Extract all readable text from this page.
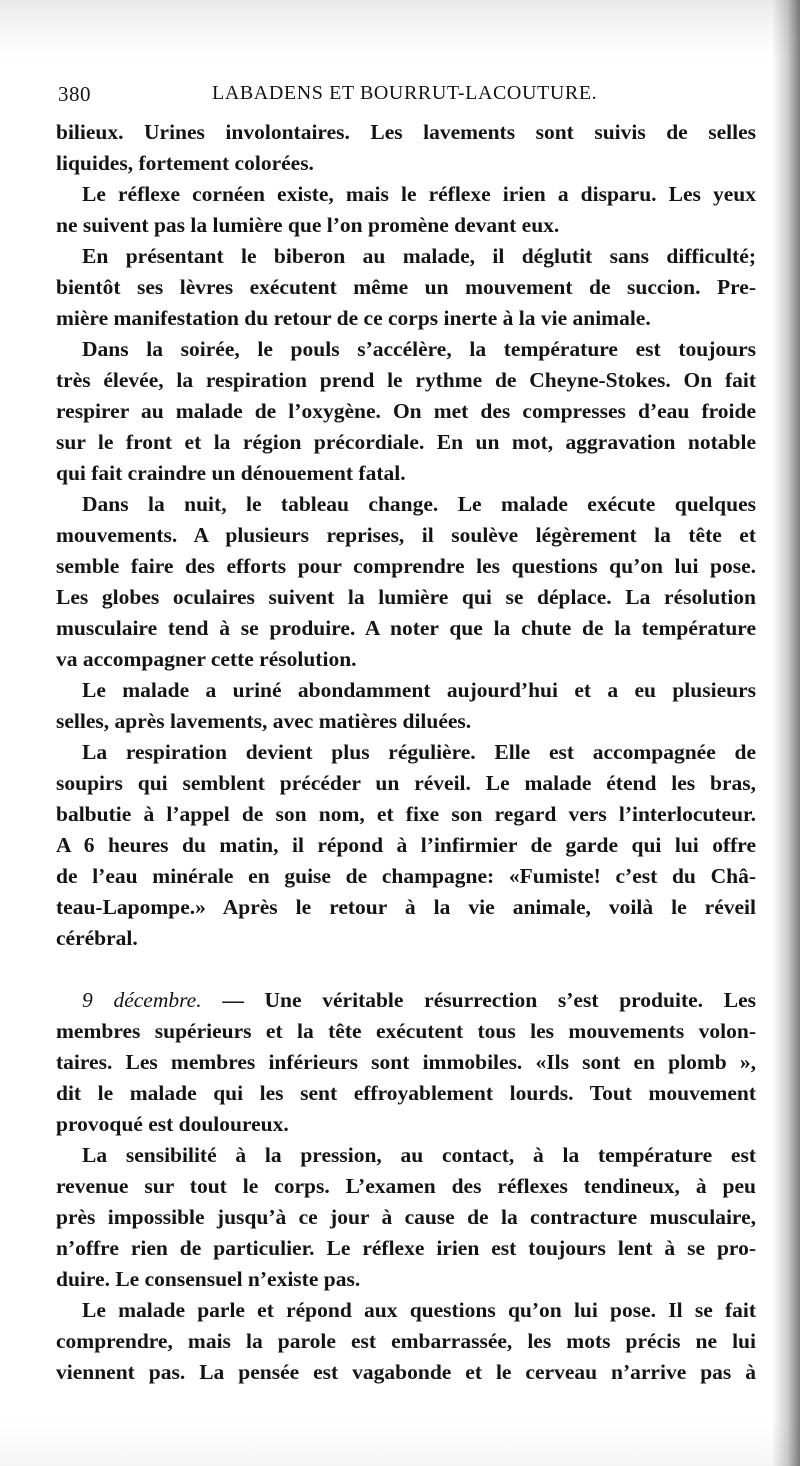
380	LABADENS ET BOURRUT-LACOUTURE.
bilieux. Urines involontaires. Les lavements sont suivis de selles
liquides, fortement colorées.
Le réflexe cornéen existe, mais le réflexe irien a disparu. Les yeux
ne suivent pas la lumière que l’on promène devant eux.
En présentant le biberon au malade, il déglutit sans difficulté;
bientôt ses lèvres exécutent même un mouvement de succion. Pre-
mière manifestation du retour de ce corps inerte à la vie animale.
Dans la soirée, le pouls s’accélère, la température est toujours
très élevée, la respiration prend le rythme de Cheyne-Stokes. On fait
respirer au malade de l’oxygène. On met des compresses d’eau froide
sur le front et la région précordiale. En un mot, aggravation notable
qui fait craindre un dénouement fatal.
Dans la nuit, le tableau change. Le malade exécute quelques
mouvements. A plusieurs reprises, il soulève légèrement la tête et
semble faire des efforts pour comprendre les questions qu’on lui pose.
Les globes oculaires suivent la lumière qui se déplace. La résolution
musculaire tend à se produire. A noter que la chute de la température
va accompagner cette résolution.
Le malade a uriné abondamment aujourd’hui et a eu plusieurs
selles, après lavements, avec matières diluées.
La respiration devient plus régulière. Elle est accompagnée de
soupirs qui semblent précéder un réveil. Le malade étend les bras,
balbutie à l’appel de son nom, et fixe son regard vers l’interlocuteur.
A 6 heures du matin, il répond à l’infirmier de garde qui lui offre
de l’eau minérale en guise de champagne: «Fumiste! c’est du Châ-
teau-Lapompe.» Après le retour à la vie animale, voilà le réveil
cérébral.
9 décembre. — Une véritable résurrection s’est produite. Les
membres supérieurs et la tête exécutent tous les mouvements volon-
taires. Les membres inférieurs sont immobiles. «Ils sont en plomb »,
dit le malade qui les sent effroyablement lourds. Tout mouvement
provoqué est douloureux.
La sensibilité à la pression, au contact, à la température est
revenue sur tout le corps. L’examen des réflexes tendineux, à peu
près impossible jusqu’à ce jour à cause de la contracture musculaire,
n’offre rien de particulier. Le réflexe irien est toujours lent à se pro-
duire. Le consensuel n’existe pas.
Le malade parle et répond aux questions qu’on lui pose. Il se fait
comprendre, mais la parole est embarrassée, les mots précis ne lui
viennent pas. La pensée est vagabonde et le cerveau n’arrive pas à
